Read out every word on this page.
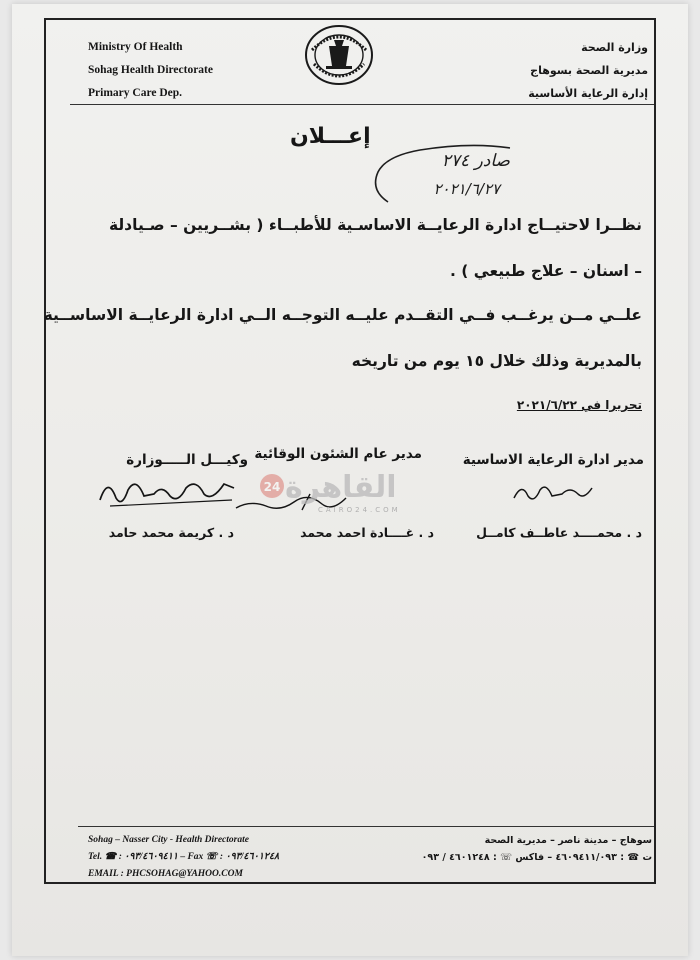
Ministry Of Health
Sohag Health Directorate
Primary Care Dep.
وزارة الصحة
مديرية الصحة بسوهاج
إدارة الرعاية الأساسية
إعـــلان
صادر ٢٧٤
٢٠٢١/٦/٢٧
نظــرا لاحتيــاج ادارة الرعايــة الاساسـية للأطبــاء ( بشــريين – صـيادلة
– اسنان – علاج طبيعي ) .
علــي مــن يرغــب فــي التقــدم عليــه التوجــه الــي ادارة الرعايــة الاساســية
بالمديرية وذلك خلال ١٥ يوم من تاريخه
تحريرا في ٢٠٢١/٦/٢٢
مدير ادارة الرعاية الاساسية
مدير عام الشئون الوقائية
وكيـــل الـــــوزارة
24 القاهرة
CAIRO24.COM
د . محمــــد عاطــف كامــل
د . غــــادة احمد محمد
د . كريمة محمد حامد
Sohag – Nasser City - Health Directorate
Tel. ☎ : ٠٩٣/٤٦٠٩٤١١ – Fax ☏ : ٠٩٣/٤٦٠١٢٤٨
EMAIL : PHCSOHAG@YAHOO.COM
سوهاج – مدينة ناصر – مديرية الصحة
ت ☎ : ٤٦٠٩٤١١/٠٩٣ – فاكس ☏ : ٤٦٠١٢٤٨ / ٠٩٣
